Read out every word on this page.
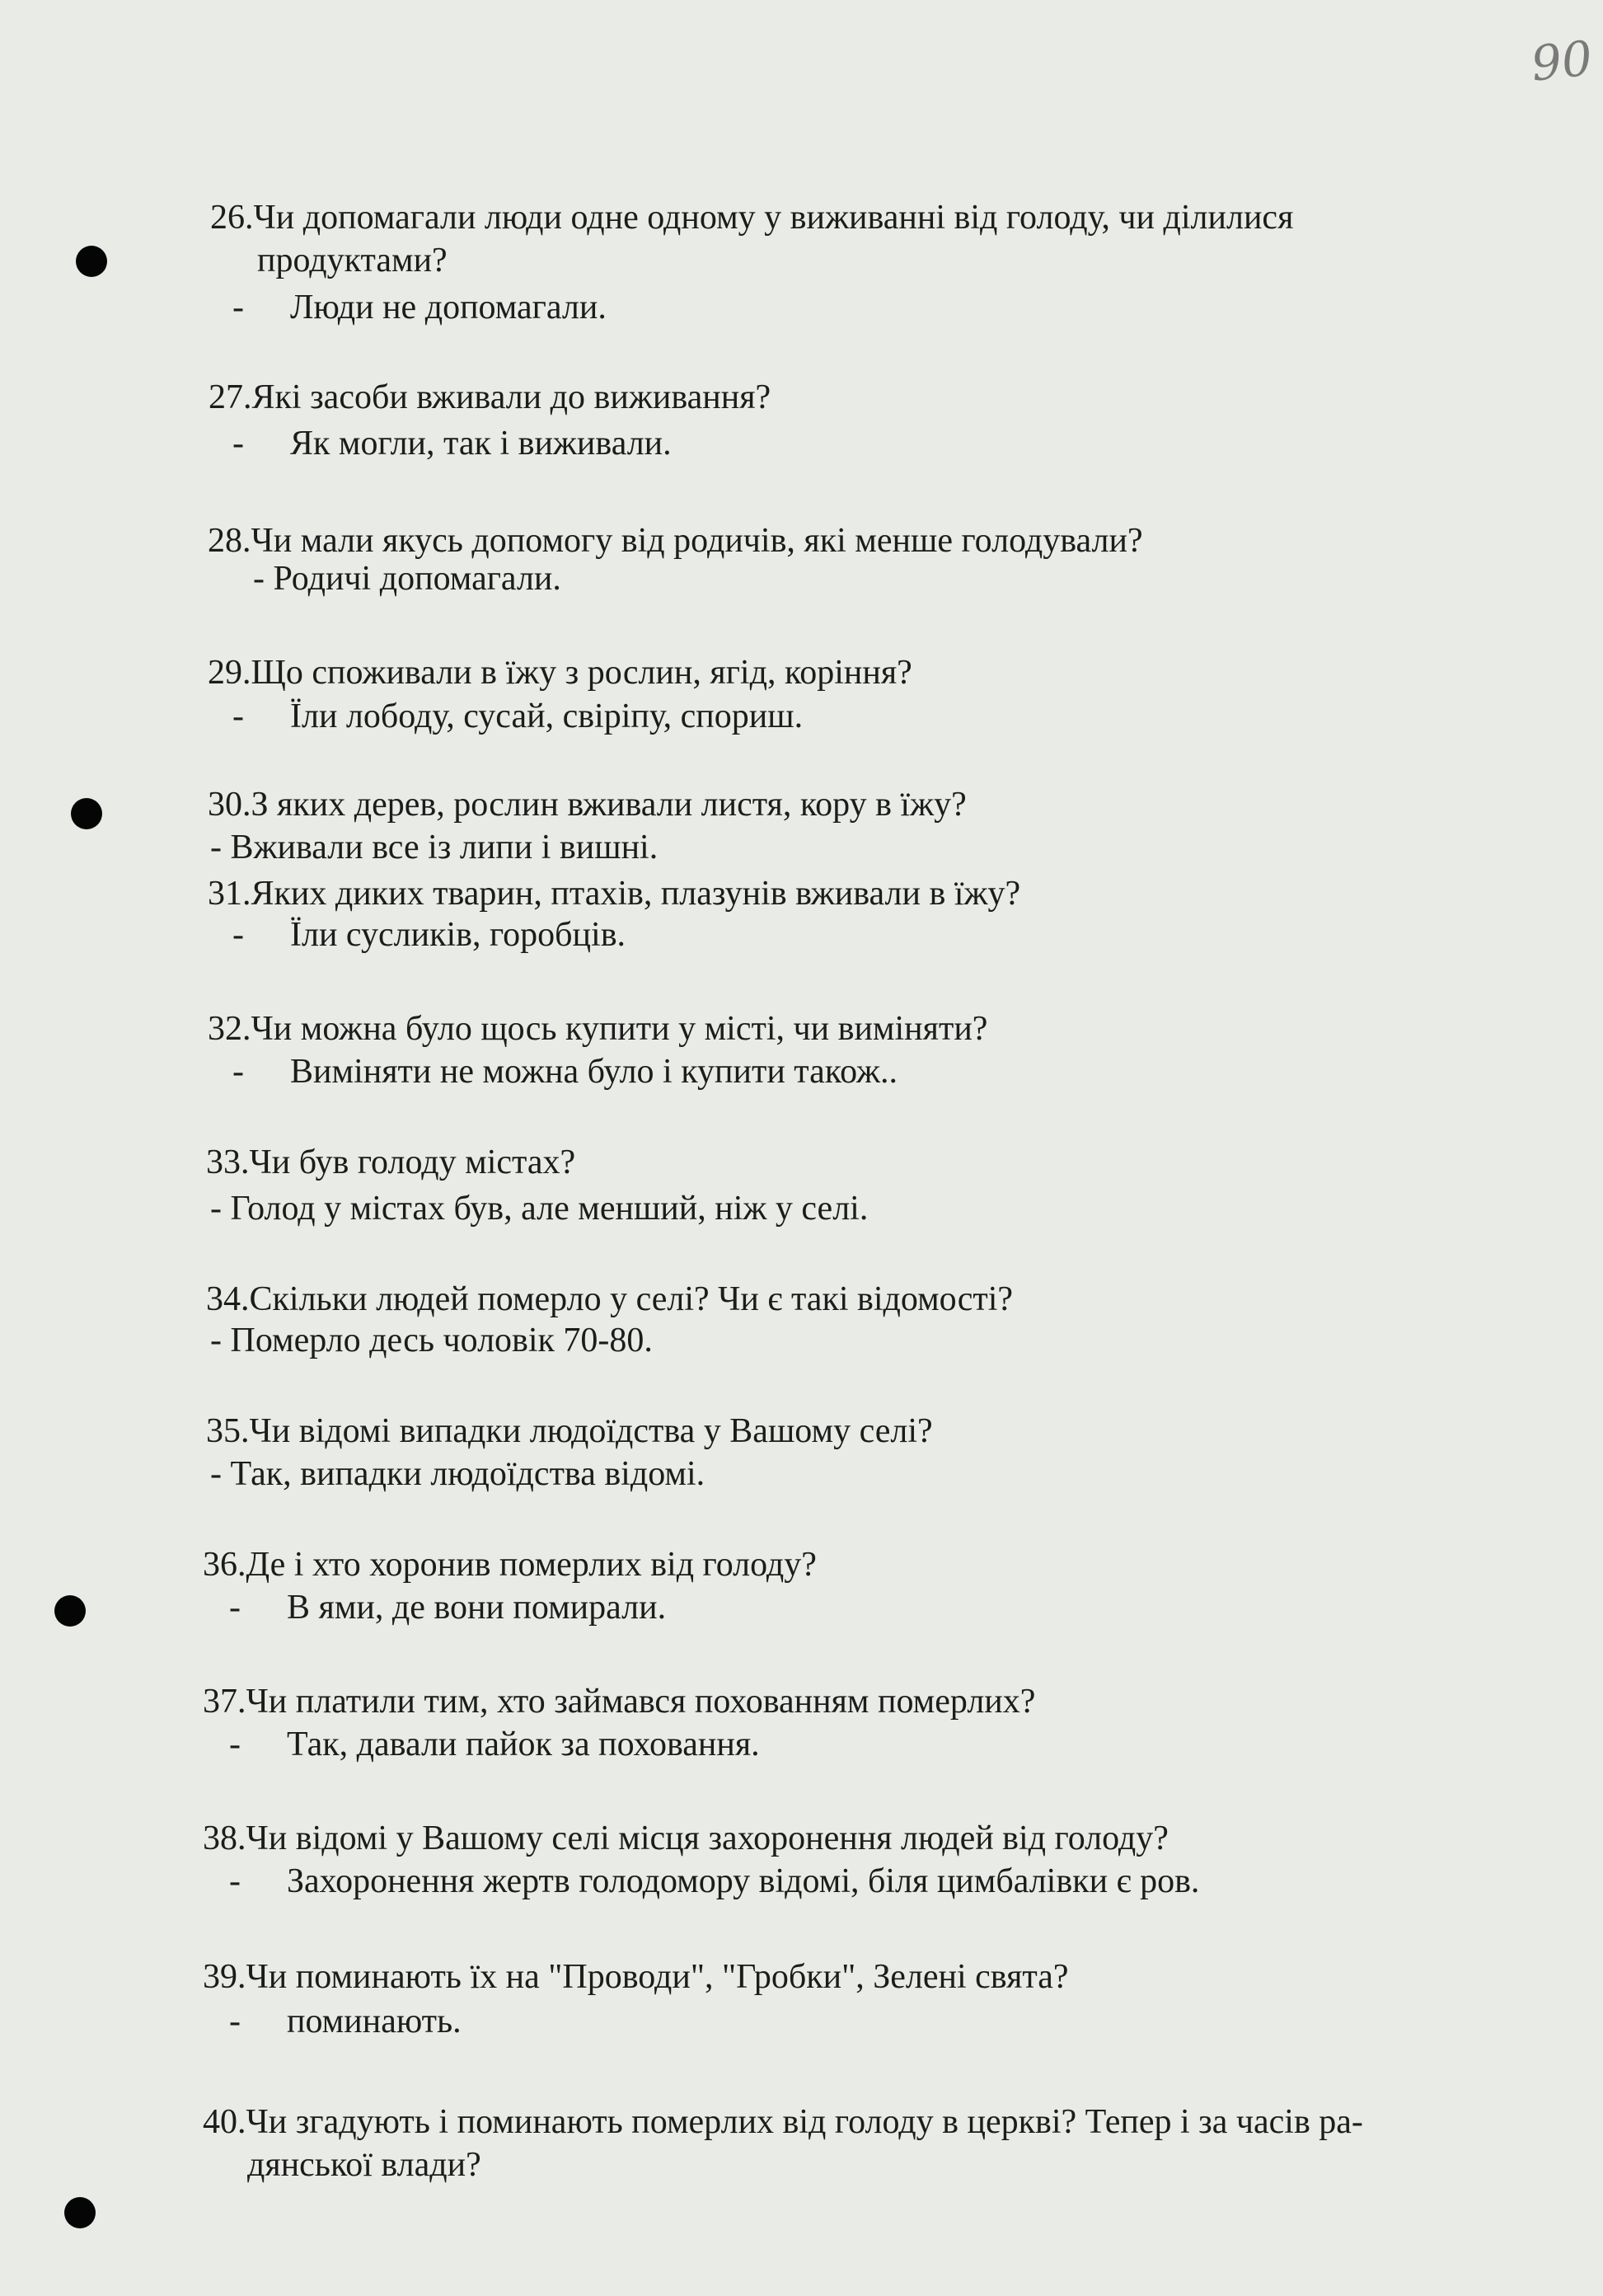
90
26.Чи допомагали люди одне одному у виживанні від голоду, чи ділилися
продуктами?
- Люди не допомагали.
27.Які засоби вживали до виживання?
- Як могли, так і виживали.
28.Чи мали якусь допомогу від родичів, які менше голодували?
- Родичі допомагали.
29.Що споживали в їжу з рослин, ягід, коріння?
- Їли лободу, сусай, свіріпу, спориш.
30.З яких дерев, рослин вживали листя, кору в їжу?
- Вживали все із липи і вишні.
31.Яких диких тварин, птахів, плазунів вживали в їжу?
- Їли сусликів, горобців.
32.Чи можна було щось купити у місті, чи виміняти?
- Виміняти не можна було і купити також..
33.Чи був голоду містах?
- Голод у містах був, але менший, ніж у селі.
34.Скільки людей померло у селі? Чи є такі відомості?
- Померло десь чоловік 70-80.
35.Чи відомі випадки людоїдства у Вашому селі?
- Так, випадки людоїдства відомі.
36.Де і хто хоронив померлих від голоду?
- В ями, де вони помирали.
37.Чи платили тим, хто займався похованням померлих?
- Так, давали пайок за поховання.
38.Чи відомі у Вашому селі місця захоронення людей від голоду?
- Захоронення жертв голодомору відомі, біля цимбалівки є ров.
39.Чи поминають їх на "Проводи", "Гробки", Зелені свята?
- поминають.
40.Чи згадують і поминають померлих від голоду в церкві? Тепер і за часів ра-
дянської влади?
